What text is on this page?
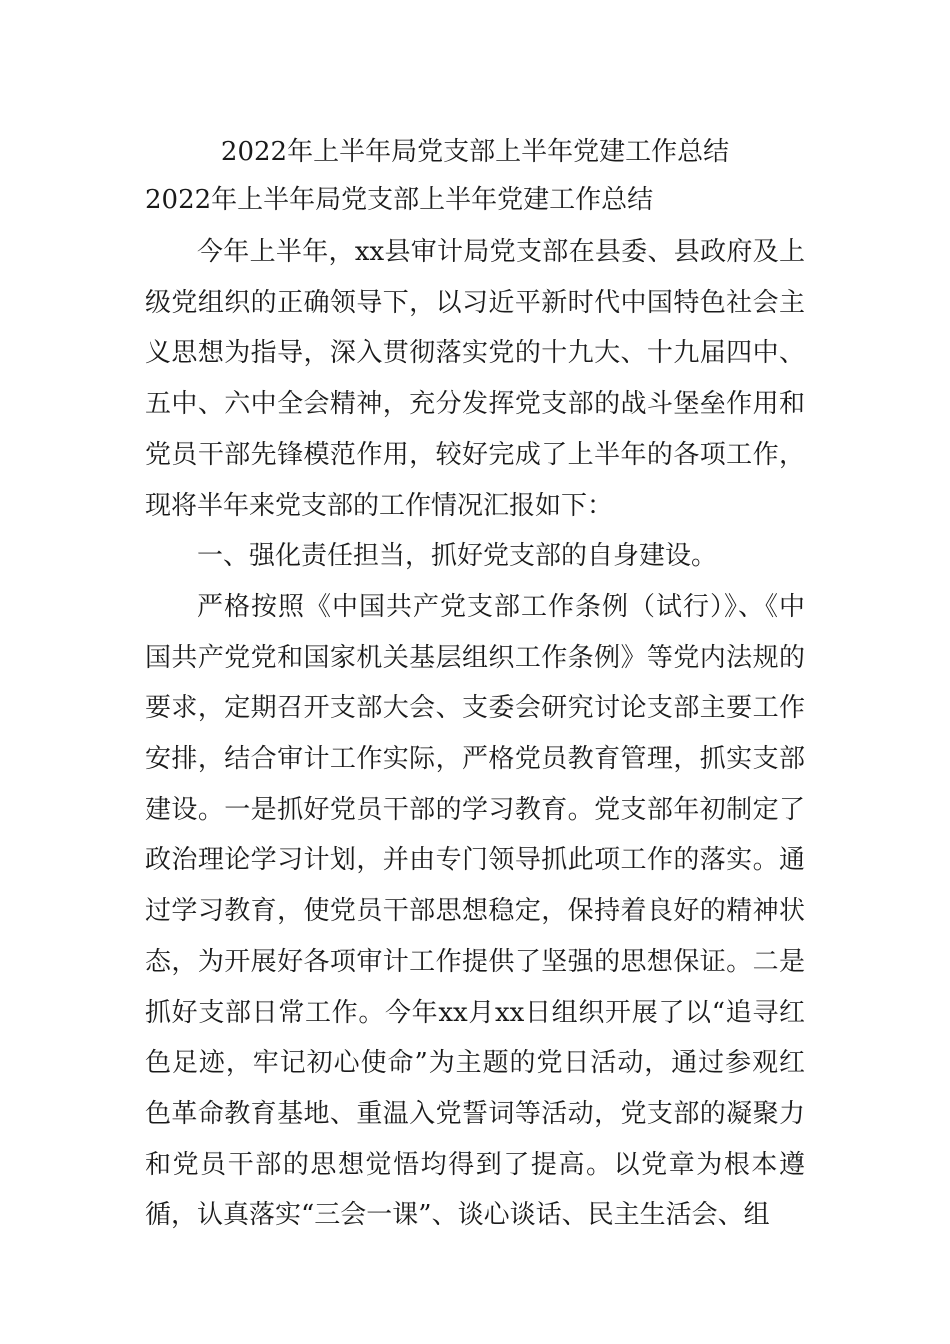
2022年上半年局党支部上半年党建工作总结
2022年上半年局党支部上半年党建工作总结

今年上半年，xx县审计局党支部在县委、县政府及上级党组织的正确领导下，以习近平新时代中国特色社会主义思想为指导，深入贯彻落实党的十九大、十九届四中、五中、六中全会精神，充分发挥党支部的战斗堡垒作用和党员干部先锋模范作用，较好完成了上半年的各项工作，现将半年来党支部的工作情况汇报如下：

一、强化责任担当，抓好党支部的自身建设。

严格按照《中国共产党支部工作条例（试行）》、《中国共产党党和国家机关基层组织工作条例》等党内法规的要求，定期召开支部大会、支委会研究讨论支部主要工作安排，结合审计工作实际，严格党员教育管理，抓实支部建设。一是抓好党员干部的学习教育。党支部年初制定了政治理论学习计划，并由专门领导抓此项工作的落实。通过学习教育，使党员干部思想稳定，保持着良好的精神状态，为开展好各项审计工作提供了坚强的思想保证。二是抓好支部日常工作。今年xx月xx日组织开展了以“追寻红色足迹，牢记初心使命”为主题的党日活动，通过参观红色革命教育基地、重温入党誓词等活动，党支部的凝聚力和党员干部的思想觉悟均得到了提高。以党章为根本遵循，认真落实“三会一课”、谈心谈话、民主生活会、组
